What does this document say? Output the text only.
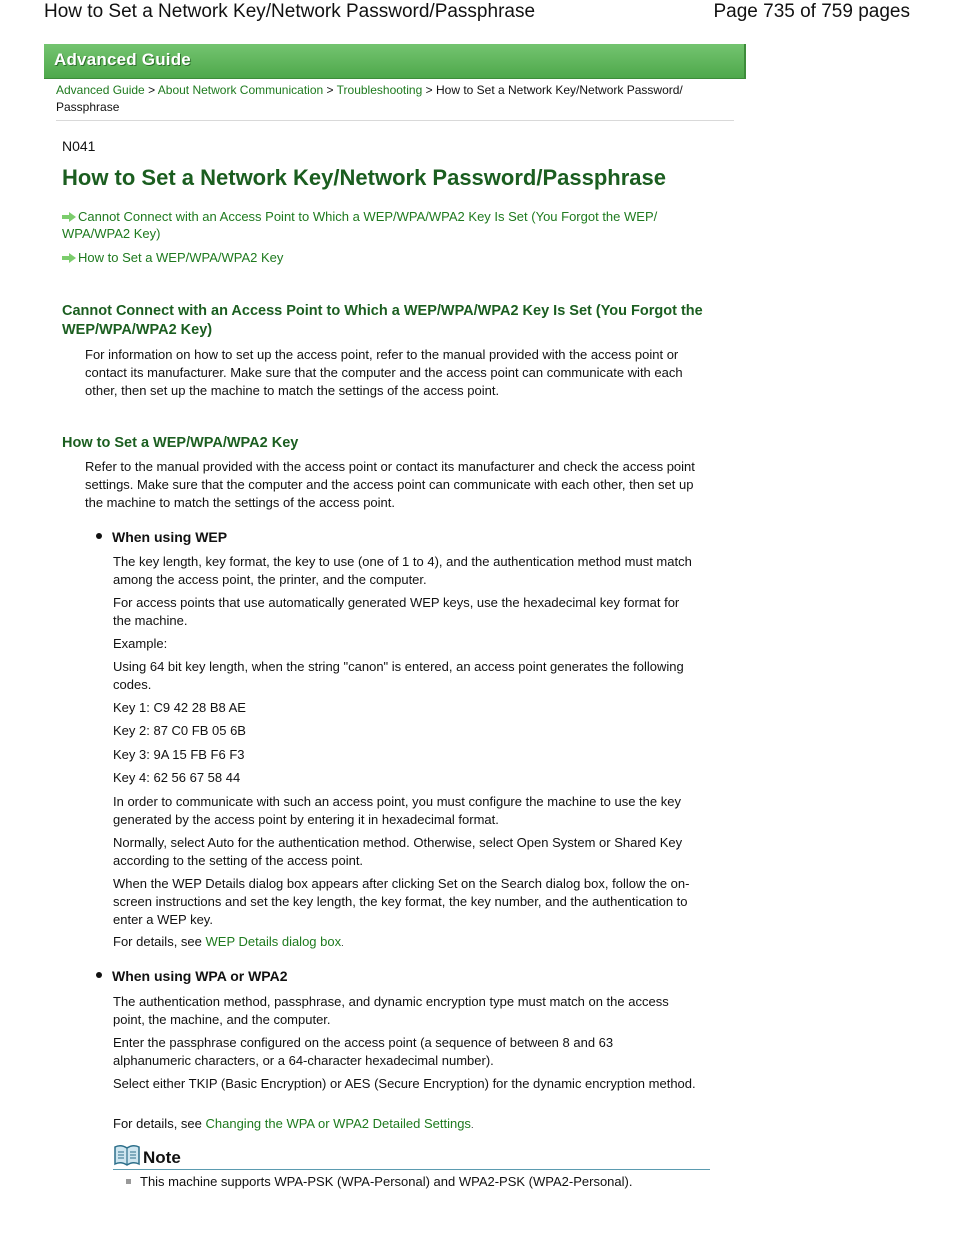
How to Set a Network Key/Network Password/Passphrase	Page 735 of 759 pages
Advanced Guide
Advanced Guide > About Network Communication > Troubleshooting > How to Set a Network Key/Network Password/
Passphrase
N041
How to Set a Network Key/Network Password/Passphrase
Cannot Connect with an Access Point to Which a WEP/WPA/WPA2 Key Is Set (You Forgot the WEP/ WPA/WPA2 Key)
How to Set a WEP/WPA/WPA2 Key
Cannot Connect with an Access Point to Which a WEP/WPA/WPA2 Key Is Set (You Forgot the WEP/WPA/WPA2 Key)

For information on how to set up the access point, refer to the manual provided with the access point or contact its manufacturer. Make sure that the computer and the access point can communicate with each other, then set up the machine to match the settings of the access point.

How to Set a WEP/WPA/WPA2 Key

Refer to the manual provided with the access point or contact its manufacturer and check the access point settings. Make sure that the computer and the access point can communicate with each other, then set up the machine to match the settings of the access point.

When using WEP

The key length, key format, the key to use (one of 1 to 4), and the authentication method must match among the access point, the printer, and the computer.

For access points that use automatically generated WEP keys, use the hexadecimal key format for the machine.

Example:

Using 64 bit key length, when the string "canon" is entered, an access point generates the following codes.

Key 1: C9 42 28 B8 AE

Key 2: 87 C0 FB 05 6B

Key 3: 9A 15 FB F6 F3

Key 4: 62 56 67 58 44

In order to communicate with such an access point, you must configure the machine to use the key generated by the access point by entering it in hexadecimal format.

Normally, select Auto for the authentication method. Otherwise, select Open System or Shared Key according to the setting of the access point.

When the WEP Details dialog box appears after clicking Set on the Search dialog box, follow the on-screen instructions and set the key length, the key format, the key number, and the authentication to enter a WEP key.

For details, see WEP Details dialog box.

When using WPA or WPA2

The authentication method, passphrase, and dynamic encryption type must match on the access point, the machine, and the computer.

Enter the passphrase configured on the access point (a sequence of between 8 and 63 alphanumeric characters, or a 64-character hexadecimal number).

Select either TKIP (Basic Encryption) or AES (Secure Encryption) for the dynamic encryption method.

For details, see Changing the WPA or WPA2 Detailed Settings.

Note
This machine supports WPA-PSK (WPA-Personal) and WPA2-PSK (WPA2-Personal).
